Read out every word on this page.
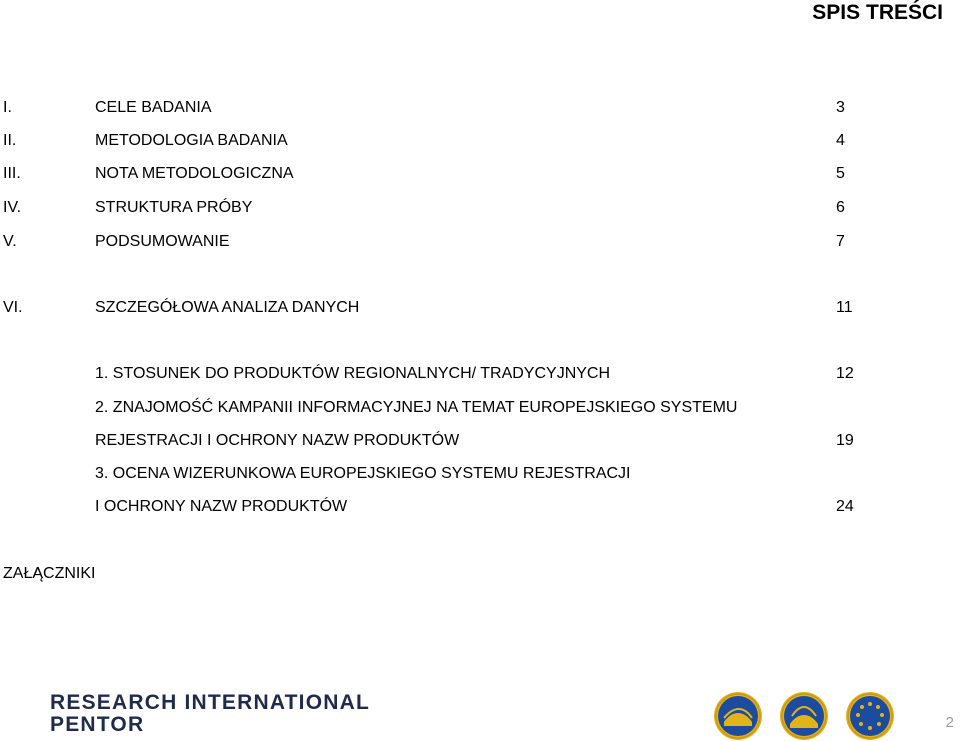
SPIS TREŚCI
I.	CELE BADANIA	3
II.	METODOLOGIA BADANIA	4
III.	NOTA METODOLOGICZNA	5
IV.	STRUKTURA PRÓBY	6
V.	PODSUMOWANIE	7
VI.	SZCZEGÓŁOWA ANALIZA DANYCH	11
1. STOSUNEK DO PRODUKTÓW REGIONALNYCH/ TRADYCYJNYCH	12
2. ZNAJOMOŚĆ KAMPANII INFORMACYJNEJ NA TEMAT EUROPEJSKIEGO SYSTEMU
REJESTRACJI I OCHRONY NAZW PRODUKTÓW	19
3. OCENA WIZERUNKOWA EUROPEJSKIEGO SYSTEMU REJESTRACJI
I OCHRONY NAZW PRODUKTÓW	24
ZAŁĄCZNIKI
RESEARCH INTERNATIONAL
PENTOR	2
